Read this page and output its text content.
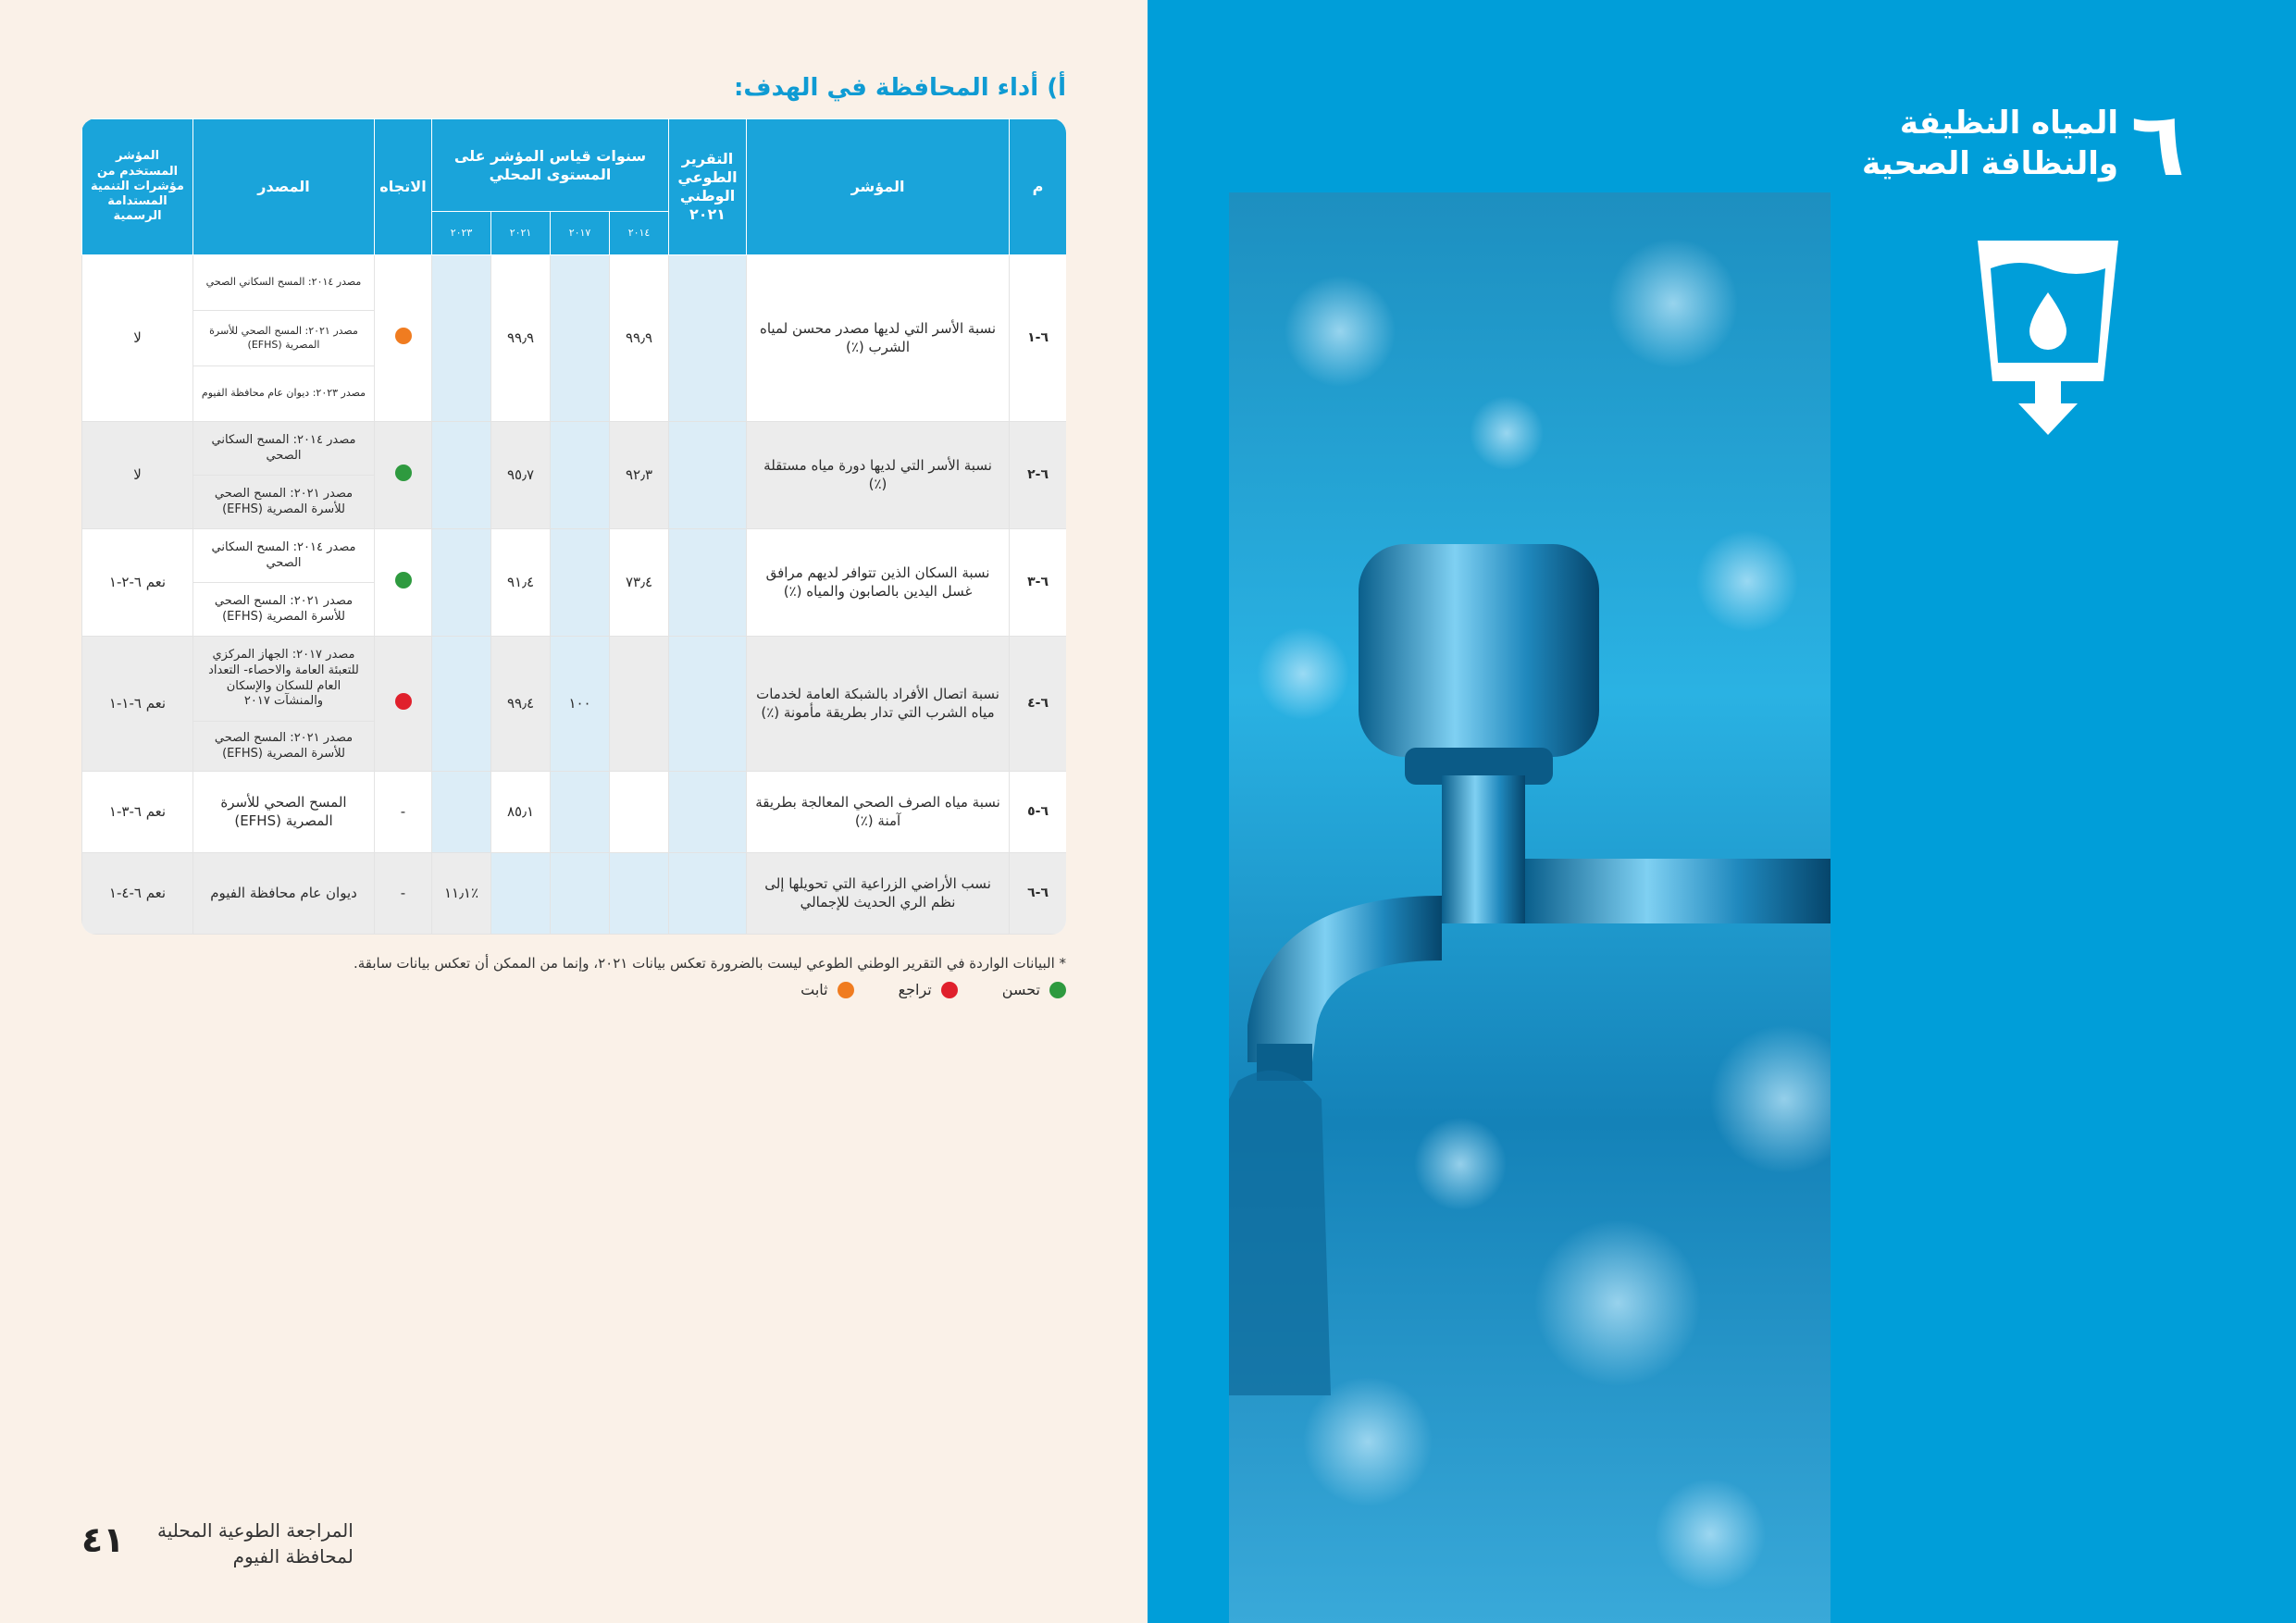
أ) أداء المحافظة في الهدف:
م	المؤشر	التقرير الطوعي الوطني ٢٠٢١	سنوات قياس المؤشر على المستوى المحلي				الاتجاه	المصدر	المؤشر المستخدم من مؤشرات التنمية المستدامة الرسمية
			٢٠١٤	٢٠١٧	٢٠٢١	٢٠٢٣			
٦-١	نسبة الأسر التي لديها مصدر محسن لمياه الشرب (٪)		٩٩٫٩		٩٩٫٩			مصدر ٢٠١٤: المسح السكاني الصحي	لا
								مصدر ٢٠٢١: المسح الصحي للأسرة المصرية (EFHS)	
								مصدر ٢٠٢٣: ديوان عام محافظة الفيوم	
٦-٢	نسبة الأسر التي لديها دورة مياه مستقلة (٪)		٩٢٫٣		٩٥٫٧			مصدر ٢٠١٤: المسح السكاني الصحي	لا
								مصدر ٢٠٢١: المسح الصحي للأسرة المصرية (EFHS)	
٦-٣	نسبة السكان الذين تتوافر لديهم مرافق غسل اليدين بالصابون والمياه (٪)		٧٣٫٤		٩١٫٤			مصدر ٢٠١٤: المسح السكاني الصحي	نعم ٦-٢-١
								مصدر ٢٠٢١: المسح الصحي للأسرة المصرية (EFHS)	
٦-٤	نسبة اتصال الأفراد بالشبكة العامة لخدمات مياه الشرب التي تدار بطريقة مأمونة (٪)			١٠٠	٩٩٫٤			مصدر ٢٠١٧: الجهاز المركزي للتعبئة العامة والاحصاء- التعداد العام للسكان والإسكان والمنشآت ٢٠١٧	نعم ٦-١-١
								مصدر ٢٠٢١: المسح الصحي للأسرة المصرية (EFHS)	
٦-٥	نسبة مياه الصرف الصحي المعالجة بطريقة آمنة (٪)				٨٥٫١		-	المسح الصحي للأسرة المصرية (EFHS)	نعم ٦-٣-١
٦-٦	نسب الأراضي الزراعية التي تحويلها إلى نظم الري الحديث للإجمالي					٪١١٫١	-	ديوان عام محافظة الفيوم	نعم ٦-٤-١
* البيانات الواردة في التقرير الوطني الطوعي ليست بالضرورة تعكس بيانات ٢٠٢١، وإنما من الممكن أن تعكس بيانات سابقة.
تحسن
تراجع
ثابت
المراجعة الطوعية المحلية
لمحافظة الفيوم
٤١
٦
المياه النظيفة
والنظافة الصحية
